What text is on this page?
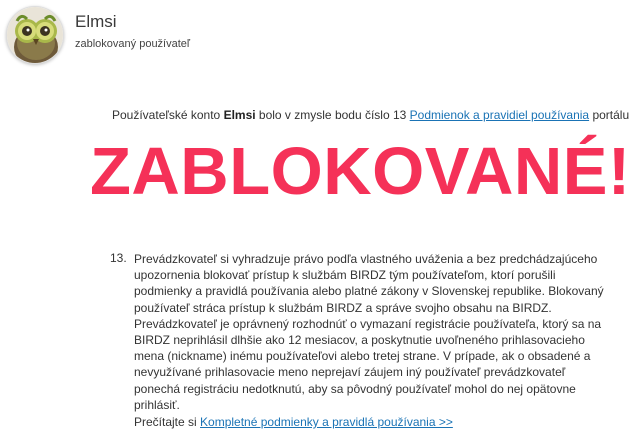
Elmsi
zablokovaný používateľ
Používateľské konto Elmsi bolo v zmysle bodu číslo 13 Podmienok a pravidiel používania portálu
ZABLOKOVANÉ!
13. Prevádzkovateľ si vyhradzuje právo podľa vlastného uváženia a bez predchádzajúceho upozornenia blokovať prístup k službám BIRDZ tým používateľom, ktorí porušili podmienky a pravidlá používania alebo platné zákony v Slovenskej republike. Blokovaný používateľ stráca prístup k službám BIRDZ a správe svojho obsahu na BIRDZ. Prevádzkovateľ je oprávnený rozhodnúť o vymazaní registrácie používateľa, ktorý sa na BIRDZ neprihlásil dlhšie ako 12 mesiacov, a poskytnutie uvoľneného prihlasovacieho mena (nickname) inému používateľovi alebo tretej strane. V prípade, ak o obsadené a nevyužívané prihlasovacie meno neprejaví záujem iný používateľ prevádzkovateľ ponechá registráciu nedotknutú, aby sa pôvodný používateľ mohol do nej opätovne prihlásiť.
Prečítajte si Kompletné podmienky a pravidlá používania >>
